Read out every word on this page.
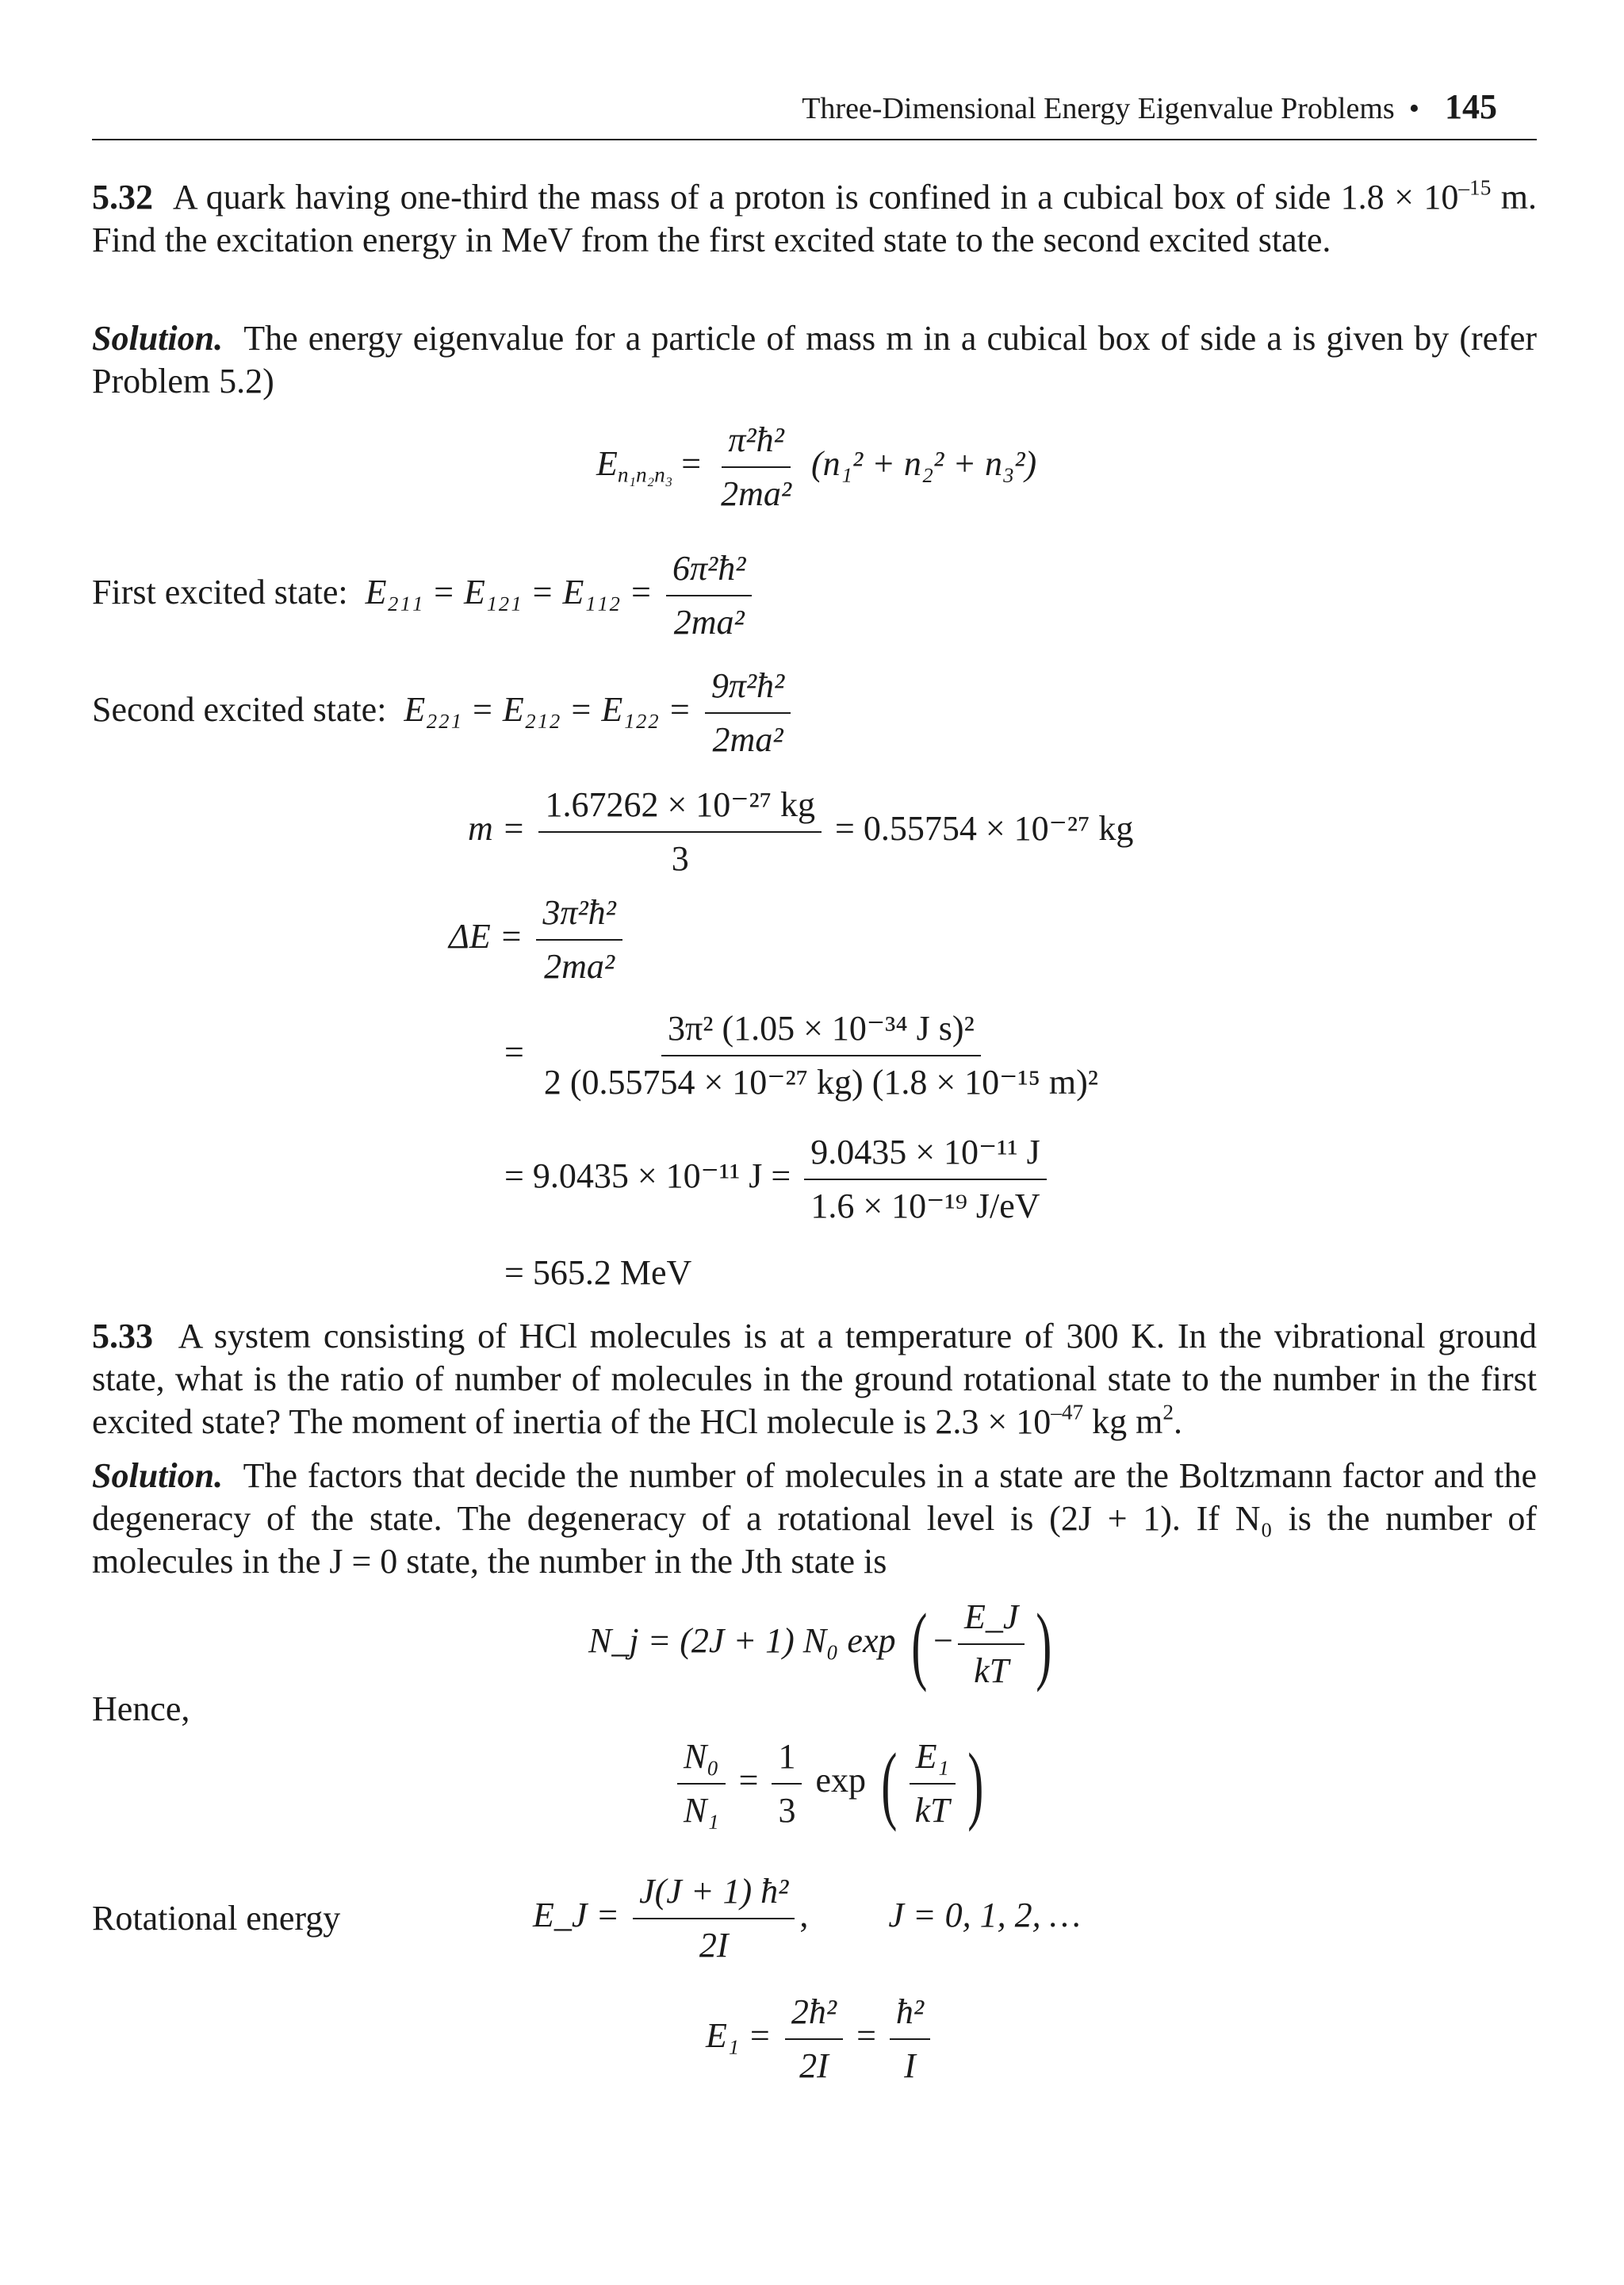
Three-Dimensional Energy Eigenvalue Problems • 145
5.32 A quark having one-third the mass of a proton is confined in a cubical box of side $1.8 \times 10^{-15}$ m. Find the excitation energy in MeV from the first excited state to the second excited state.
Solution. The energy eigenvalue for a particle of mass m in a cubical box of side a is given by (refer Problem 5.2)
$E_{n_1n_2n_3} = \frac{\text{π²ħ²}}{\text{2ma²}} (n_1^2 + n_2^2 + n_3^2)$
First excited state: $E_{211} = E_{121} = E_{112} = \frac{\text{6π²ħ²}}{\text{2ma²}}$
Second excited state: $E_{221} = E_{212} = E_{122} = \frac{\text{9π²ħ²}}{\text{2ma²}}$
$m = \frac{\text{1.67262 × 10⁻²⁷ kg}}{3} = 0.55754 \times 10^{-27}$ kg
$\Delta E = \frac{\text{3π²ħ²}}{\text{2ma²}}$
= $\frac{\text{3π² (1.05 × 10⁻³⁴ J s)²}}{\text{2 (0.55754 × 10⁻²⁷ kg) (1.8 × 10⁻¹⁵ m)²}}$
= 9.0435 × 10⁻¹¹ $J = \frac{\text{9.0435 × 10⁻¹¹ J}}{\text{1.6 × 10⁻¹⁹ J/eV}}$
= 565.2 MeV
5.33 A system consisting of HCl molecules is at a temperature of 300 K. In the vibrational ground state, what is the ratio of number of molecules in the ground rotational state to the number in the first excited state? The moment of inertia of the HCl molecule is $2.3 \times 10^{-47}$ kg $m^2$.
Solution. The factors that decide the number of molecules in a state are the Boltzmann factor and the degeneracy of the state. The degeneracy of a rotational level is (2J + 1). If N₀ is the number of molecules in the J = 0 state, the number in the Jth state is
N_j = (2J + 1) N₀ exp ( − $\frac{E\_J}{kT}$ )
Hence,
$\frac{\text{N₀}}{\text{N₁}} = \frac{1}{3}$ exp ( $\frac{\text{E₁}}{kT}$ )
Rotational energy	E_J = $\frac{\text{J(J + 1) ħ²}}{2I}$ , J = 0, 1, 2, …
$E_1 = \frac{\text{2ħ²}}{2I} = \frac{\text{ħ²}}{I}$
